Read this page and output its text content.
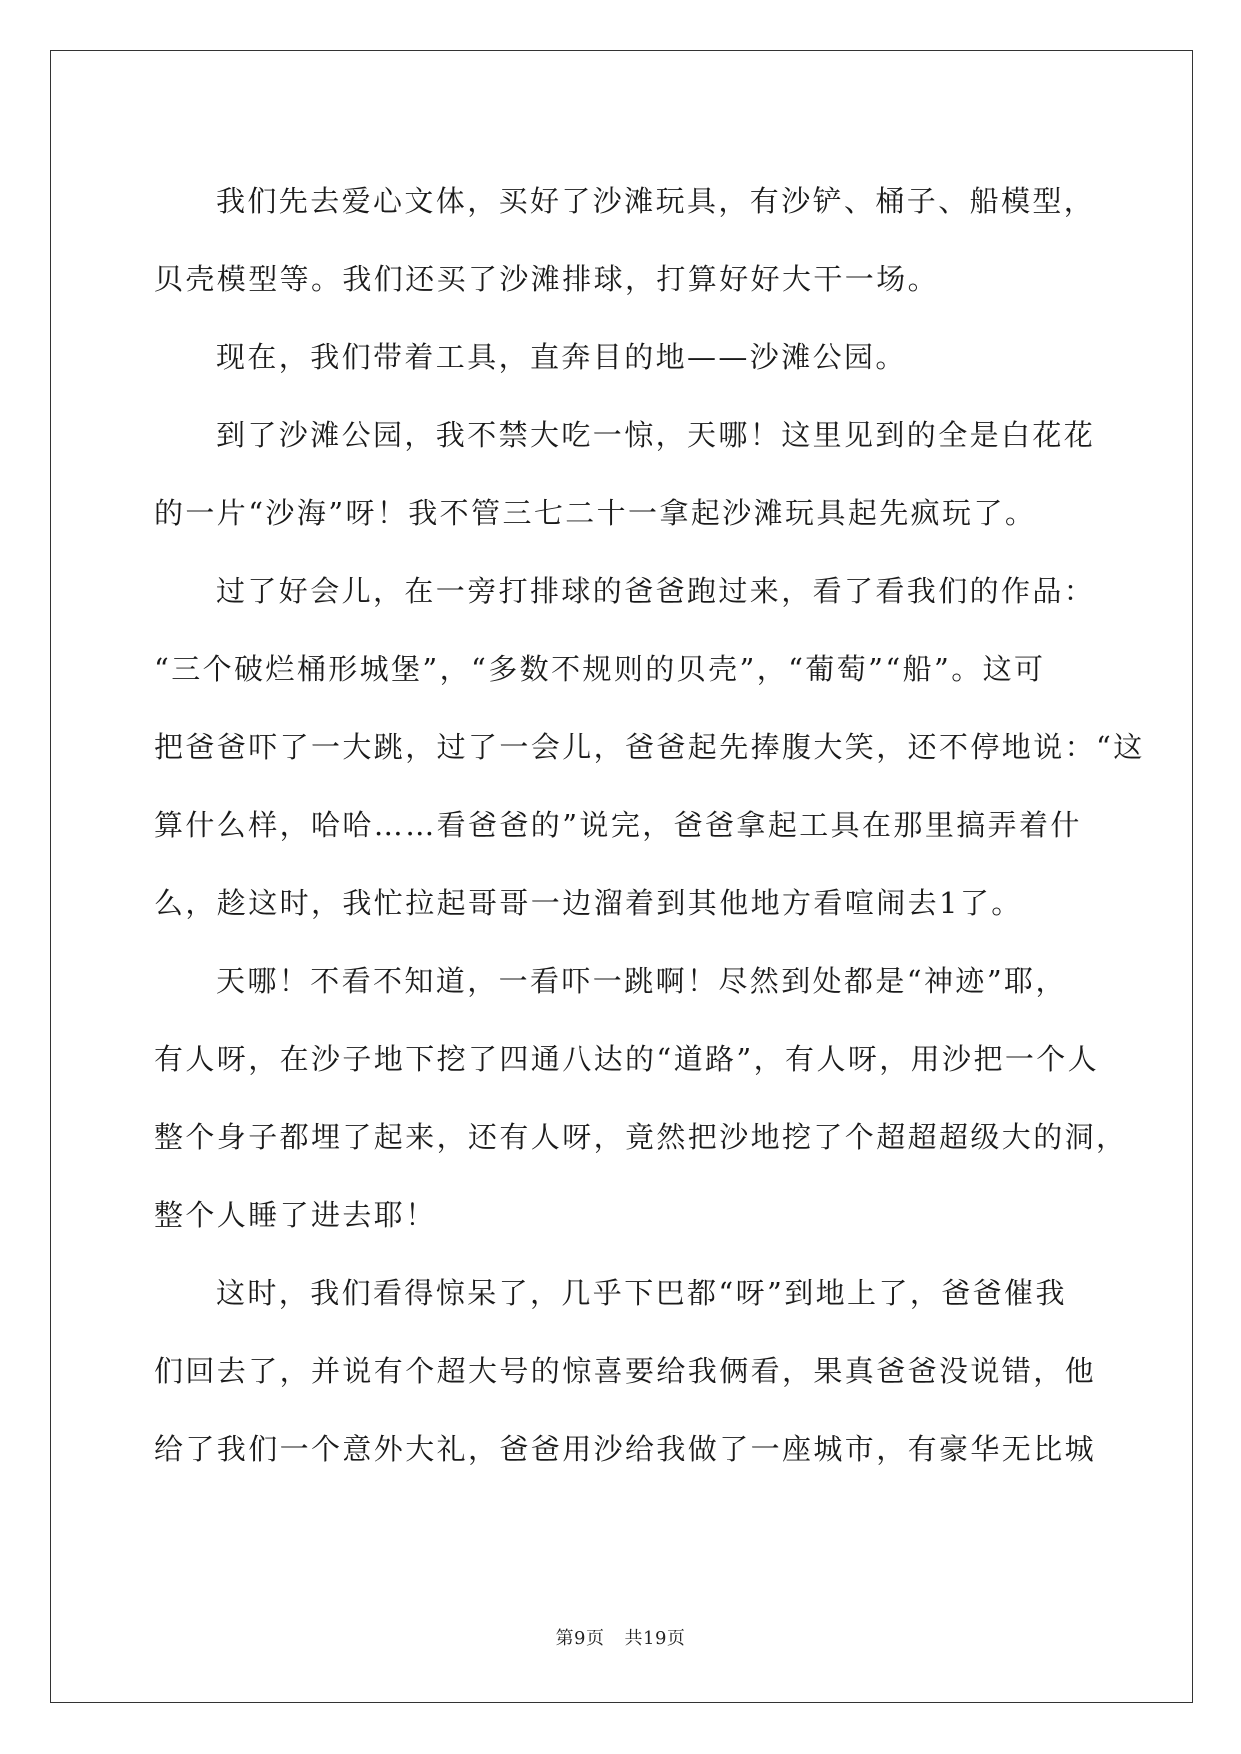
我们先去爱心文体，买好了沙滩玩具，有沙铲、桶子、船模型，
贝壳模型等。我们还买了沙滩排球，打算好好大干一场。
现在，我们带着工具，直奔目的地——沙滩公园。
到了沙滩公园，我不禁大吃一惊，天哪！这里见到的全是白花花
的一片“沙海”呀！我不管三七二十一拿起沙滩玩具起先疯玩了。
过了好会儿，在一旁打排球的爸爸跑过来，看了看我们的作品：
“三个破烂桶形城堡”，“多数不规则的贝壳”，“葡萄”“船”。这可
把爸爸吓了一大跳，过了一会儿，爸爸起先捧腹大笑，还不停地说：“这
算什么样，哈哈……看爸爸的”说完，爸爸拿起工具在那里搞弄着什
么，趁这时，我忙拉起哥哥一边溜着到其他地方看喧闹去1了。
天哪！不看不知道，一看吓一跳啊！尽然到处都是“神迹”耶，
有人呀，在沙子地下挖了四通八达的“道路”，有人呀，用沙把一个人
整个身子都埋了起来，还有人呀，竟然把沙地挖了个超超超级大的洞，
整个人睡了进去耶！
这时，我们看得惊呆了，几乎下巴都“呀”到地上了，爸爸催我
们回去了，并说有个超大号的惊喜要给我俩看，果真爸爸没说错，他
给了我们一个意外大礼，爸爸用沙给我做了一座城市，有豪华无比城
第9页 共19页
